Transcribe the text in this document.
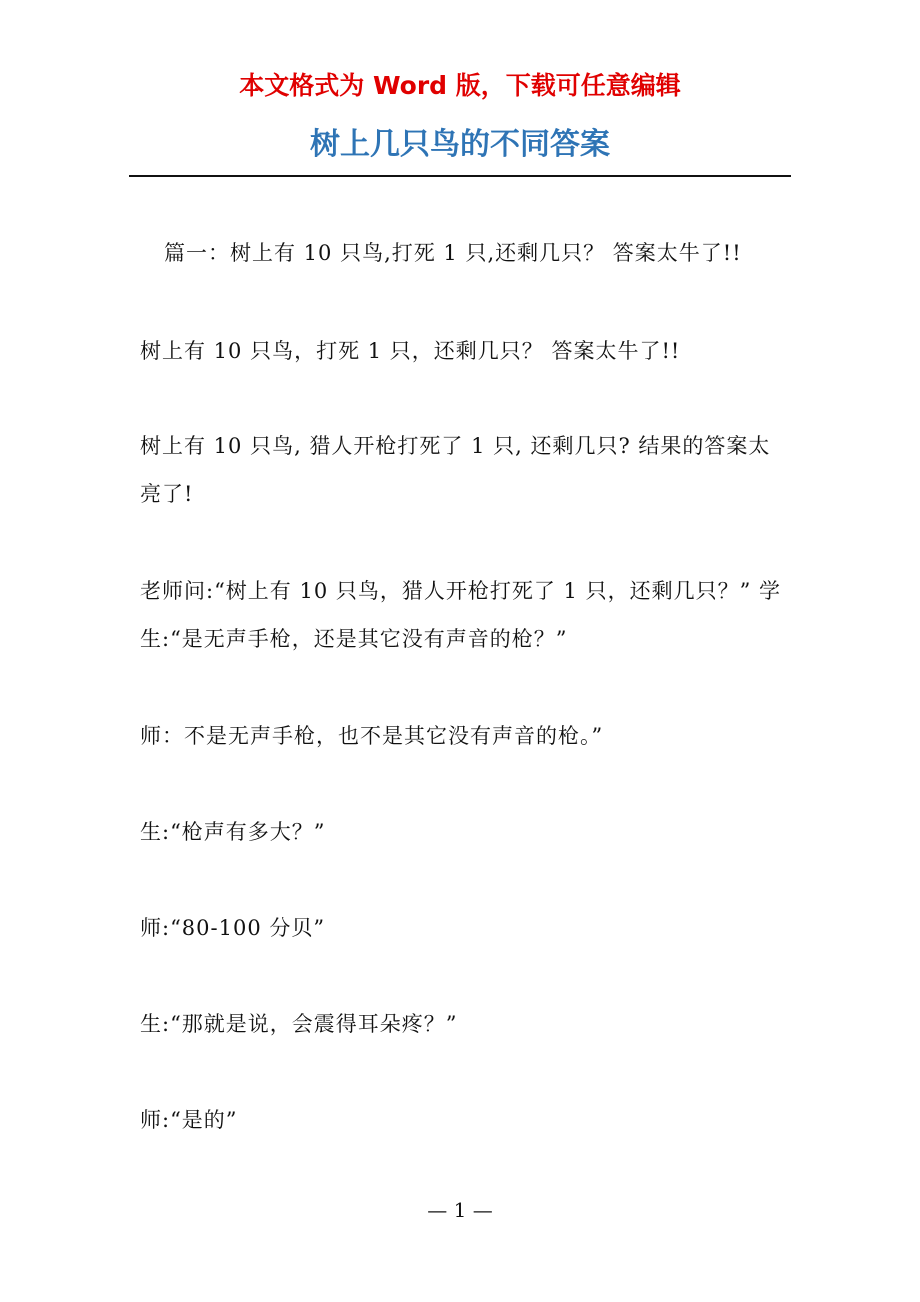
本文格式为 Word 版，下载可任意编辑
树上几只鸟的不同答案

篇一：树上有 10 只鸟,打死 1 只,还剩几只？ 答案太牛了!!

树上有 10 只鸟，打死 1 只，还剩几只？ 答案太牛了!!

树上有 10 只鸟, 猎人开枪打死了 1 只, 还剩几只? 结果的答案太亮了!

老师问:“树上有 10 只鸟，猎人开枪打死了 1 只，还剩几只？” 学生:“是无声手枪，还是其它没有声音的枪？”

师：不是无声手枪，也不是其它没有声音的枪。”

生:“枪声有多大？”

师:“80-100 分贝”

生:“那就是说，会震得耳朵疼？”

师:“是的”

— 1 —
